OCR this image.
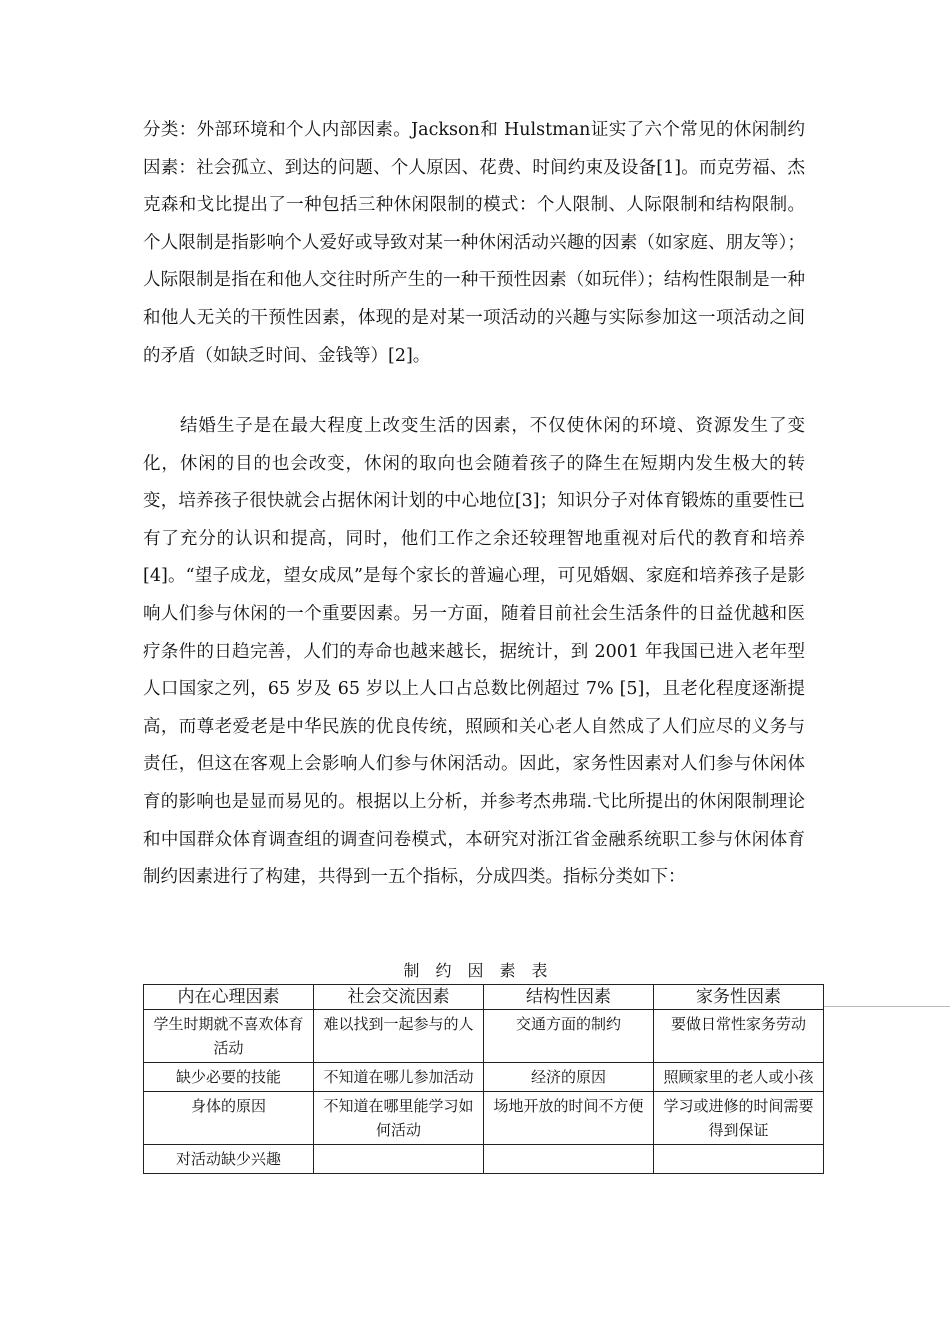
分类：外部环境和个人内部因素。Jackson和 Hulstman证实了六个常见的休闲制约因素：社会孤立、到达的问题、个人原因、花费、时间约束及设备[1]。而克劳福、杰克森和戈比提出了一种包括三种休闲限制的模式：个人限制、人际限制和结构限制。个人限制是指影响个人爱好或导致对某一种休闲活动兴趣的因素（如家庭、朋友等）；人际限制是指在和他人交往时所产生的一种干预性因素（如玩伴）；结构性限制是一种和他人无关的干预性因素，体现的是对某一项活动的兴趣与实际参加这一项活动之间的矛盾（如缺乏时间、金钱等）[2]。

结婚生子是在最大程度上改变生活的因素，不仅使休闲的环境、资源发生了变化，休闲的目的也会改变，休闲的取向也会随着孩子的降生在短期内发生极大的转变，培养孩子很快就会占据休闲计划的中心地位[3]；知识分子对体育锻炼的重要性已有了充分的认识和提高，同时，他们工作之余还较理智地重视对后代的教育和培养[4]。“望子成龙，望女成凤”是每个家长的普遍心理，可见婚姻、家庭和培养孩子是影响人们参与休闲的一个重要因素。另一方面，随着目前社会生活条件的日益优越和医疗条件的日趋完善，人们的寿命也越来越长，据统计，到 2001 年我国已进入老年型人口国家之列，65 岁及 65 岁以上人口占总数比例超过 7% [5]，且老化程度逐渐提高，而尊老爱老是中华民族的优良传统，照顾和关心老人自然成了人们应尽的义务与责任，但这在客观上会影响人们参与休闲活动。因此，家务性因素对人们参与休闲体育的影响也是显而易见的。根据以上分析，并参考杰弗瑞.弋比所提出的休闲限制理论和中国群众体育调查组的调查问卷模式，本研究对浙江省金融系统职工参与休闲体育制约因素进行了构建，共得到一五个指标，分成四类。指标分类如下：

制约因素表
内在心理因素	社会交流因素	结构性因素	家务性因素
学生时期就不喜欢体育活动	难以找到一起参与的人	交通方面的制约	要做日常性家务劳动
缺少必要的技能	不知道在哪儿参加活动	经济的原因	照顾家里的老人或小孩
身体的原因	不知道在哪里能学习如何活动	场地开放的时间不方便	学习或进修的时间需要得到保证
对活动缺少兴趣			
